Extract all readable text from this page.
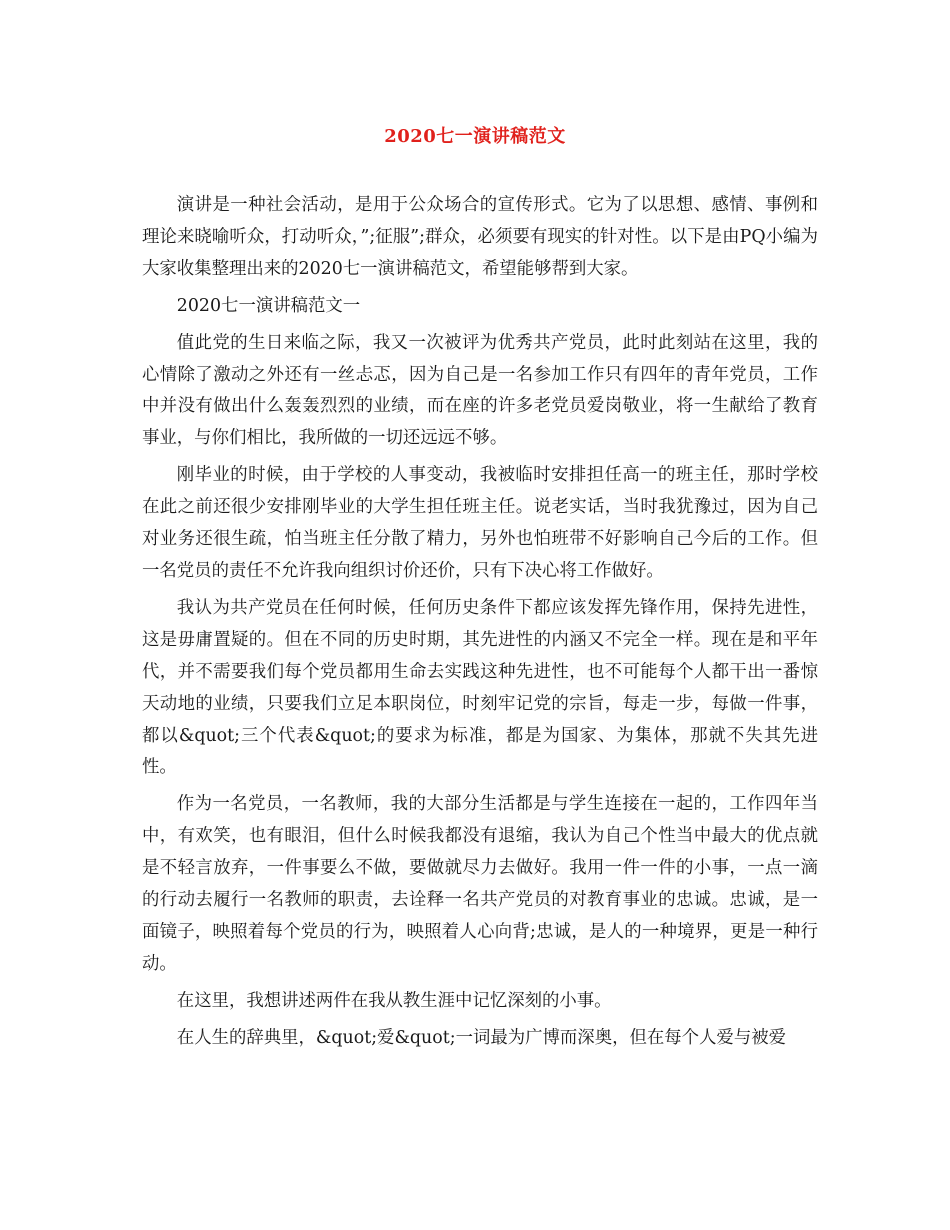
2020七一演讲稿范文

演讲是一种社会活动，是用于公众场合的宣传形式。它为了以思想、感情、事例和理论来晓喻听众，打动听众，”;征服”;群众，必须要有现实的针对性。以下是由PQ小编为大家收集整理出来的2020七一演讲稿范文，希望能够帮到大家。

2020七一演讲稿范文一

值此党的生日来临之际，我又一次被评为优秀共产党员，此时此刻站在这里，我的心情除了激动之外还有一丝忐忑，因为自己是一名参加工作只有四年的青年党员，工作中并没有做出什么轰轰烈烈的业绩，而在座的许多老党员爱岗敬业，将一生献给了教育事业，与你们相比，我所做的一切还远远不够。

刚毕业的时候，由于学校的人事变动，我被临时安排担任高一的班主任，那时学校在此之前还很少安排刚毕业的大学生担任班主任。说老实话，当时我犹豫过，因为自己对业务还很生疏，怕当班主任分散了精力，另外也怕班带不好影响自己今后的工作。但一名党员的责任不允许我向组织讨价还价，只有下决心将工作做好。

我认为共产党员在任何时候，任何历史条件下都应该发挥先锋作用，保持先进性，这是毋庸置疑的。但在不同的历史时期，其先进性的内涵又不完全一样。现在是和平年代，并不需要我们每个党员都用生命去实践这种先进性，也不可能每个人都干出一番惊天动地的业绩，只要我们立足本职岗位，时刻牢记党的宗旨，每走一步，每做一件事，都以&quot;三个代表&quot;的要求为标准，都是为国家、为集体，那就不失其先进性。

作为一名党员，一名教师，我的大部分生活都是与学生连接在一起的，工作四年当中，有欢笑，也有眼泪，但什么时候我都没有退缩，我认为自己个性当中最大的优点就是不轻言放弃，一件事要么不做，要做就尽力去做好。我用一件一件的小事，一点一滴的行动去履行一名教师的职责，去诠释一名共产党员的对教育事业的忠诚。忠诚，是一面镜子，映照着每个党员的行为，映照着人心向背;忠诚，是人的一种境界，更是一种行动。

在这里，我想讲述两件在我从教生涯中记忆深刻的小事。

在人生的辞典里，&quot;爱&quot;一词最为广博而深奥，但在每个人爱与被爱
